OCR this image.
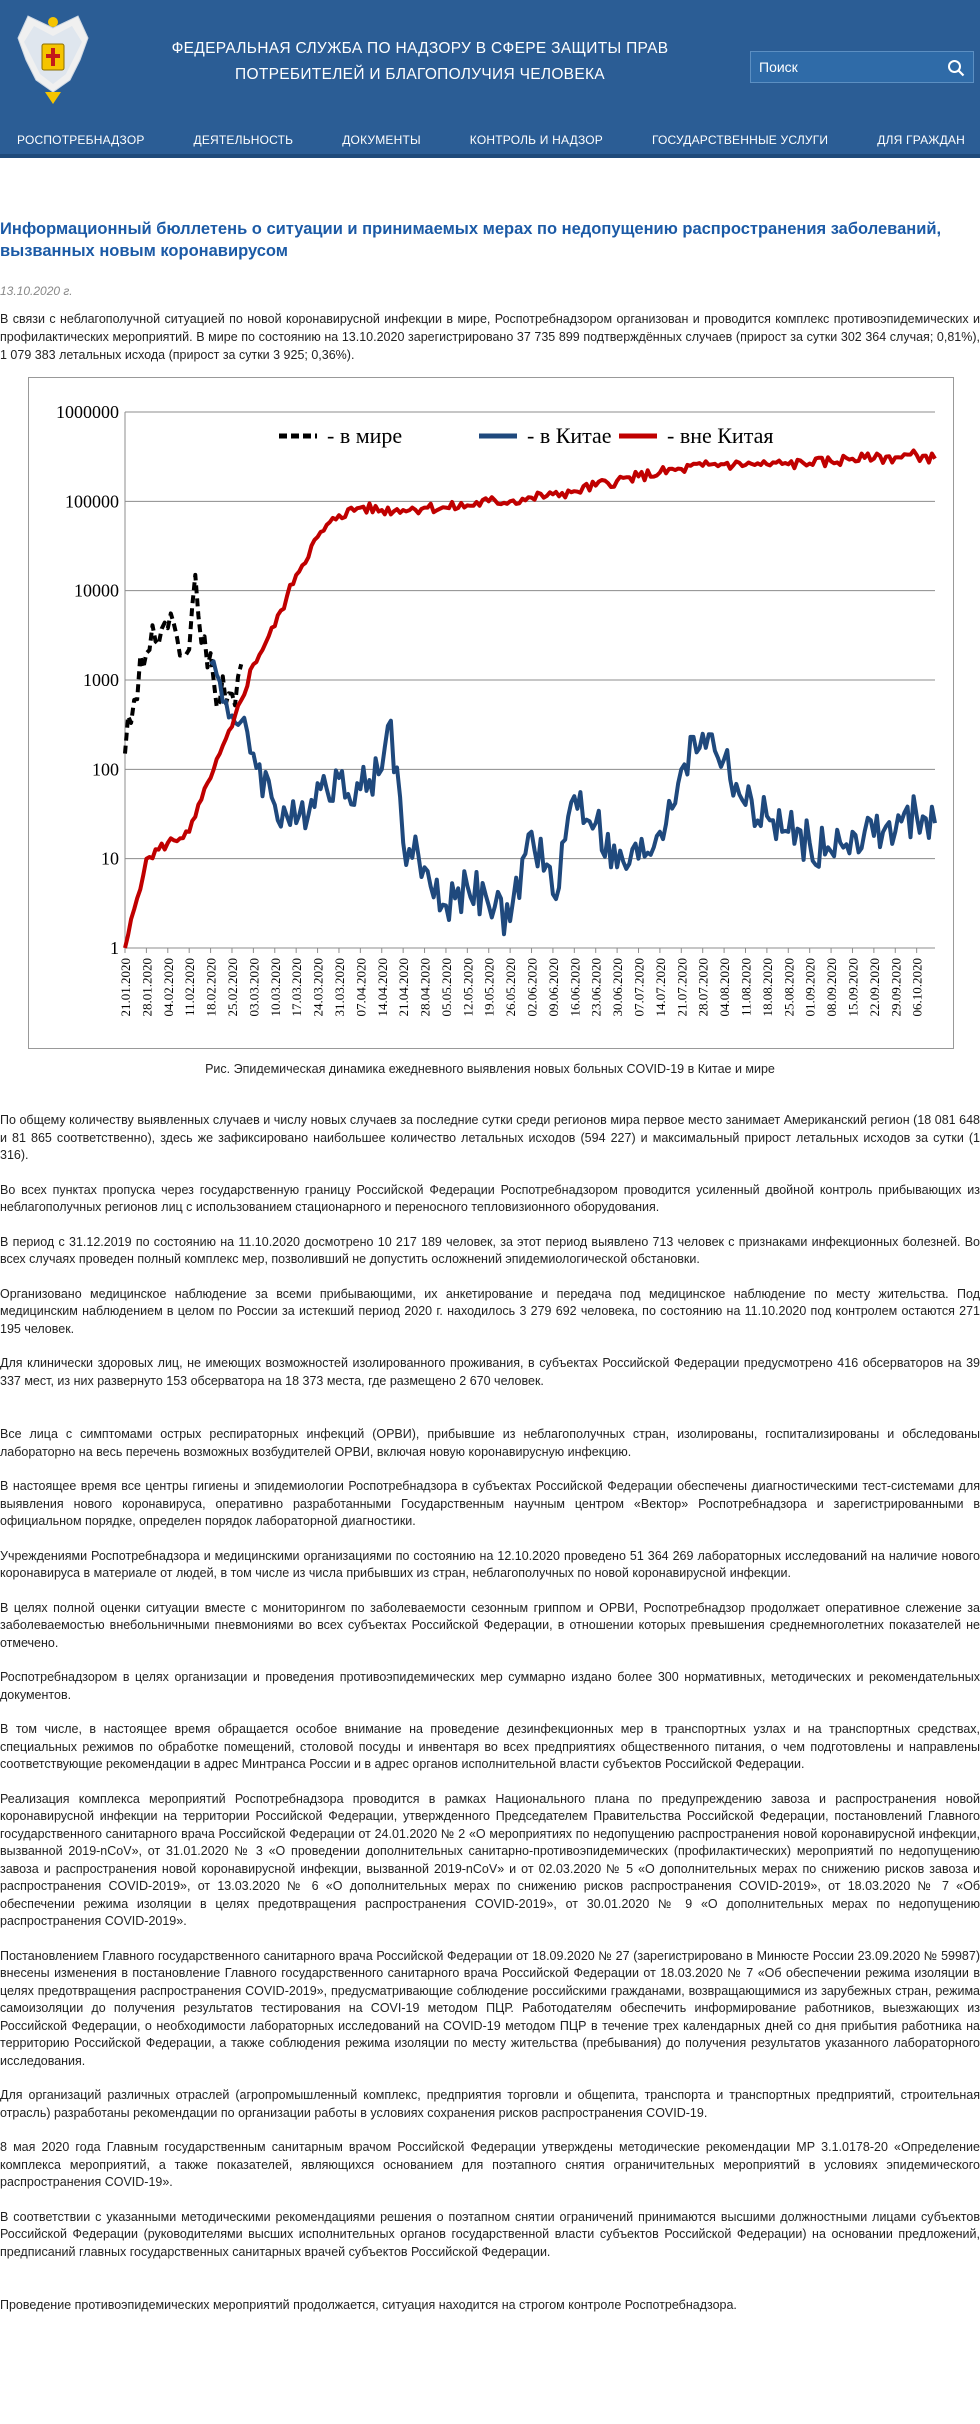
ФЕДЕРАЛЬНАЯ СЛУЖБА ПО НАДЗОРУ В СФЕРЕ ЗАЩИТЫ ПРАВ
ПОТРЕБИТЕЛЕЙ И БЛАГОПОЛУЧИЯ ЧЕЛОВЕКА
Поиск
РОСПОТРЕБНАДЗОР	ДЕЯТЕЛЬНОСТЬ	ДОКУМЕНТЫ	КОНТРОЛЬ И НАДЗОР	ГОСУДАРСТВЕННЫЕ УСЛУГИ	ДЛЯ ГРАЖДАН
Информационный бюллетень о ситуации и принимаемых мерах по недопущению распространения заболеваний, вызванных новым коронавирусом
13.10.2020 г.
В связи с неблагополучной ситуацией по новой коронавирусной инфекции в мире, Роспотребнадзором организован и проводится комплекс противоэпидемических и профилактических мероприятий. В мире по состоянию на 13.10.2020 зарегистрировано 37 735 899 подтверждённых случаев (прирост за сутки 302 364 случая; 0,81%), 1 079 383 летальных исхода (прирост за сутки 3 925; 0,36%).
1
10
100
1000
10000
100000
1000000
21.01.2020 28.01.2020 04.02.2020 11.02.2020 18.02.2020 25.02.2020 03.03.2020 10.03.2020 17.03.2020 24.03.2020 31.03.2020 07.04.2020 14.04.2020 21.04.2020 28.04.2020 05.05.2020 12.05.2020 19.05.2020 26.05.2020 02.06.2020 09.06.2020 16.06.2020 23.06.2020 30.06.2020 07.07.2020 14.07.2020 21.07.2020 28.07.2020 04.08.2020 11.08.2020 18.08.2020 25.08.2020 01.09.2020 08.09.2020 15.09.2020 22.09.2020 29.09.2020 06.10.2020
- в мире	- в Китае	- вне Китая
Рис. Эпидемическая динамика ежедневного выявления новых больных COVID-19 в Китае и мире

По общему количеству выявленных случаев и числу новых случаев за последние сутки среди регионов мира первое место занимает Американский регион (18 081 648 и 81 865 соответственно), здесь же зафиксировано наибольшее количество летальных исходов (594 227) и максимальный прирост летальных исходов за сутки (1 316).

Во всех пунктах пропуска через государственную границу Российской Федерации Роспотребнадзором проводится усиленный двойной контроль прибывающих из неблагополучных регионов лиц с использованием стационарного и переносного тепловизионного оборудования.

В период с 31.12.2019 по состоянию на 11.10.2020 досмотрено 10 217 189 человек, за этот период выявлено 713 человек с признаками инфекционных болезней. Во всех случаях проведен полный комплекс мер, позволивший не допустить осложнений эпидемиологической обстановки.

Организовано медицинское наблюдение за всеми прибывающими, их анкетирование и передача под медицинское наблюдение по месту жительства. Под медицинским наблюдением в целом по России за истекший период 2020 г. находилось 3 279 692 человека, по состоянию на 11.10.2020 под контролем остаются 271 195 человек.

Для клинически здоровых лиц, не имеющих возможностей изолированного проживания, в субъектах Российской Федерации предусмотрено 416 обсерваторов на 39 337 мест, из них развернуто 153 обсерватора на 18 373 места, где размещено 2 670 человек.

Все лица с симптомами острых респираторных инфекций (ОРВИ), прибывшие из неблагополучных стран, изолированы, госпитализированы и обследованы лабораторно на весь перечень возможных возбудителей ОРВИ, включая новую коронавирусную инфекцию.

В настоящее время все центры гигиены и эпидемиологии Роспотребнадзора в субъектах Российской Федерации обеспечены диагностическими тест-системами для выявления нового коронавируса, оперативно разработанными Государственным научным центром «Вектор» Роспотребнадзора и зарегистрированными в официальном порядке, определен порядок лабораторной диагностики.

Учреждениями Роспотребнадзора и медицинскими организациями по состоянию на 12.10.2020 проведено 51 364 269 лабораторных исследований на наличие нового коронавируса в материале от людей, в том числе из числа прибывших из стран, неблагополучных по новой коронавирусной инфекции.

В целях полной оценки ситуации вместе с мониторингом по заболеваемости сезонным гриппом и ОРВИ, Роспотребнадзор продолжает оперативное слежение за заболеваемостью внебольничными пневмониями во всех субъектах Российской Федерации, в отношении которых превышения среднемноголетних показателей не отмечено.

Роспотребнадзором в целях организации и проведения противоэпидемических мер суммарно издано более 300 нормативных, методических и рекомендательных документов.

В том числе, в настоящее время обращается особое внимание на проведение дезинфекционных мер в транспортных узлах и на транспортных средствах, специальных режимов по обработке помещений, столовой посуды и инвентаря во всех предприятиях общественного питания, о чем подготовлены и направлены соответствующие рекомендации в адрес Минтранса России и в адрес органов исполнительной власти субъектов Российской Федерации.

Реализация комплекса мероприятий Роспотребнадзора проводится в рамках Национального плана по предупреждению завоза и распространения новой коронавирусной инфекции на территории Российской Федерации, утвержденного Председателем Правительства Российской Федерации, постановлений Главного государственного санитарного врача Российской Федерации от 24.01.2020 № 2 «О мероприятиях по недопущению распространения новой коронавирусной инфекции, вызванной 2019-nCoV», от 31.01.2020 № 3 «О проведении дополнительных санитарно-противоэпидемических (профилактических) мероприятий по недопущению завоза и распространения новой коронавирусной инфекции, вызванной 2019-nCoV» и от 02.03.2020 № 5 «О дополнительных мерах по снижению рисков завоза и распространения COVID-2019», от 13.03.2020 № 6 «О дополнительных мерах по снижению рисков распространения COVID-2019», от 18.03.2020 № 7 «Об обеспечении режима изоляции в целях предотвращения распространения COVID-2019», от 30.01.2020 № 9 «О дополнительных мерах по недопущению распространения COVID-2019».

Постановлением Главного государственного санитарного врача Российской Федерации от 18.09.2020 № 27 (зарегистрировано в Минюсте России 23.09.2020 № 59987) внесены изменения в постановление Главного государственного санитарного врача Российской Федерации от 18.03.2020 № 7 «Об обеспечении режима изоляции в целях предотвращения распространения COVID-2019», предусматривающие соблюдение российскими гражданами, возвращающимися из зарубежных стран, режима самоизоляции до получения результатов тестирования на COVI-19 методом ПЦР. Работодателям обеспечить информирование работников, выезжающих из Российской Федерации, о необходимости лабораторных исследований на COVID-19 методом ПЦР в течение трех календарных дней со дня прибытия работника на территорию Российской Федерации, а также соблюдения режима изоляции по месту жительства (пребывания) до получения результатов указанного лабораторного исследования.

Для организаций различных отраслей (агропромышленный комплекс, предприятия торговли и общепита, транспорта и транспортных предприятий, строительная отрасль) разработаны рекомендации по организации работы в условиях сохранения рисков распространения COVID-19.

8 мая 2020 года Главным государственным санитарным врачом Российской Федерации утверждены методические рекомендации МР 3.1.0178-20 «Определение комплекса мероприятий, а также показателей, являющихся основанием для поэтапного снятия ограничительных мероприятий в условиях эпидемического распространения COVID-19».

В соответствии с указанными методическими рекомендациями решения о поэтапном снятии ограничений принимаются высшими должностными лицами субъектов Российской Федерации (руководителями высших исполнительных органов государственной власти субъектов Российской Федерации) на основании предложений, предписаний главных государственных санитарных врачей субъектов Российской Федерации.

Проведение противоэпидемических мероприятий продолжается, ситуация находится на строгом контроле Роспотребнадзора.
